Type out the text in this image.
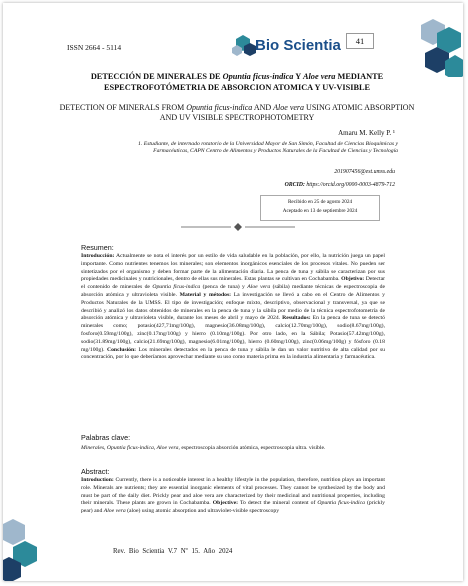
ISSN 2664 - 5114	Bio Scientia	41
DETECCIÓN DE MINERALES DE Opuntia ficus-indica Y Aloe vera MEDIANTE ESPECTROFOTÓMETRIA DE ABSORCION ATOMICA Y UV-VISIBLE
DETECTION OF MINERALS FROM Opuntia ficus-indica AND Aloe vera USING ATOMIC ABSORPTION AND UV VISIBLE SPECTROPHOTOMETRY
Amaru M. Kelly P. ¹
1. Estudiante, de internado rotatorio de la Universidad Mayor de San Simón, Facultad de Ciencias Bioquímicas y Farmacéuticas, CAPN Centro de Alimentos y Productos Naturales de la Facultad de Ciencias y Tecnología
201907456@est.umss.edu
ORCID: https://orcid.org/0000-0003-4879-712
Recibido en 25 de agosto 2024
Aceptado en 13 de septiembre 2024
Resumen:
Introducción: Actualmente se nota el interés por un estilo de vida saludable en la población, por ello, la nutrición juega un papel importante. Como nutrientes tenemos los minerales; son elementos inorgánicos esenciales de los procesos vitales. No pueden ser sintetizados por el organismo y deben formar parte de la alimentación diaria. La penca de tuna y sábila se caracterizan por sus propiedades medicinales y nutricionales, dentro de ellas sus minerales. Estas plantas se cultivan en Cochabamba. Objetivo: Detectar el contenido de minerales de Opuntia ficus-indica (penca de tuna) y Aloe vera (sábila) mediante técnicas de espectroscopia de absorción atómica y ultravioleta visible. Material y métodos: La investigación se llevó a cabo en el Centro de Alimentos y Productos Naturales de la UMSS. El tipo de investigación; enfoque mixto, descriptivo, observacional y transversal, ya que se describió y analizó los datos obtenidos de minerales en la penca de tuna y la sábila por medio de la técnica espectrofotometría de absorción atómica y ultravioleta visible, durante los meses de abril y mayo de 2024. Resultados: En la penca de tuna se detectó minerales como; potasio(427,71mg/100g), magnesio(36.08mg/100g), calcio(12.70mg/100g), sodio(8.67mg/100g), fosforo(0.59mg/100g), zinc(0.17mg/100g) y hierro (0.10mg/100g). Por otro lado, en la Sábila; Potasio(57.42mg/100g), sodio(31.89mg/100g), calcio(21.69mg/100g), magnesio(6.01mg/100g), hierro (0.60mg/100g), zinc(0.06mg/100g) y fósforo (0.18 mg/100g). Conclusión: Los minerales detectados en la penca de tuna y sábila le dan un valor nutritivo de alta calidad por su concentración, por lo que deberíamos aprovechar mediante su uso como materia prima en la industria alimentaria y farmacéutica.
Palabras clave:
Minerales, Opuntia ficus-indica, Aloe vera, espectroscopia absorción atómica, espectroscopia ultra. visible.
Abstract:
Introduction: Currently, there is a noticeable interest in a healthy lifestyle in the population, therefore, nutrition plays an important role. Minerals are nutrients; they are essential inorganic elements of vital processes. They cannot be synthesized by the body and must be part of the daily diet. Prickly pear and aloe vera are characterized by their medicinal and nutritional properties, including their minerals. These plants are grown in Cochabamba. Objective: To detect the mineral content of Opuntia ficus-indica (prickly pear) and Aloe vera (aloe) using atomic absorption and ultraviolet-visible spectroscopy
Rev. Bio Scientia V.7 Nº 15. Año 2024
